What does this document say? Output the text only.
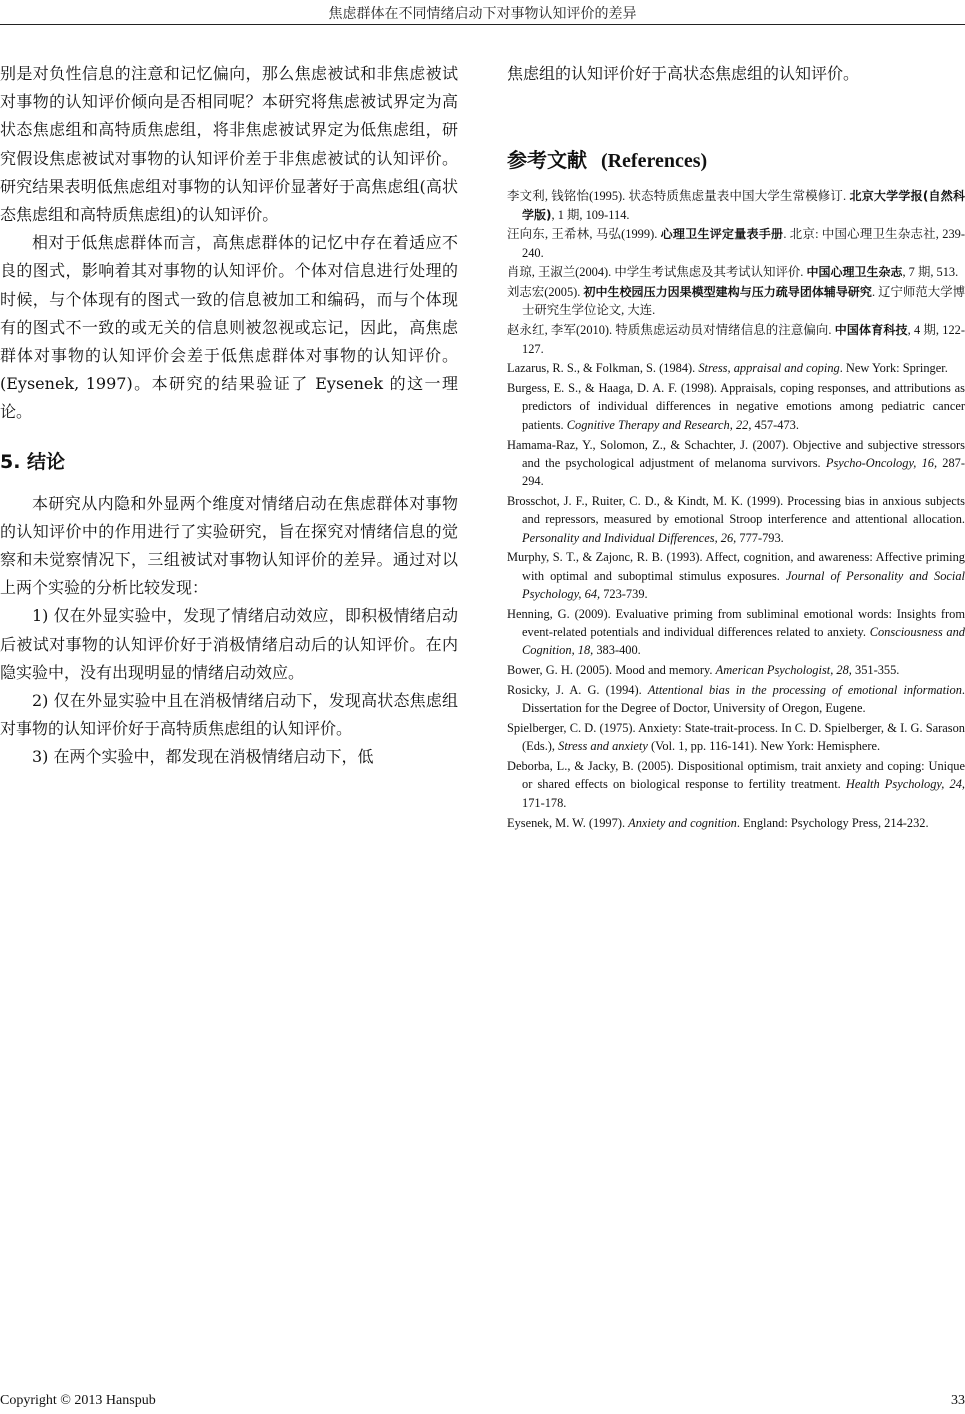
焦虑群体在不同情绪启动下对事物认知评价的差异

别是对负性信息的注意和记忆偏向，那么焦虑被试和非焦虑被试对事物的认知评价倾向是否相同呢？本研究将焦虑被试界定为高状态焦虑组和高特质焦虑组，将非焦虑被试界定为低焦虑组，研究假设焦虑被试对事物的认知评价差于非焦虑被试的认知评价。研究结果表明低焦虑组对事物的认知评价显著好于高焦虑组(高状态焦虑组和高特质焦虑组)的认知评价。

相对于低焦虑群体而言，高焦虑群体的记忆中存在着适应不良的图式，影响着其对事物的认知评价。个体对信息进行处理的时候，与个体现有的图式一致的信息被加工和编码，而与个体现有的图式不一致的或无关的信息则被忽视或忘记，因此，高焦虑群体对事物的认知评价会差于低焦虑群体对事物的认知评价。(Eysenek, 1997)。本研究的结果验证了 Eysenek 的这一理论。

5. 结论

本研究从内隐和外显两个维度对情绪启动在焦虑群体对事物的认知评价中的作用进行了实验研究，旨在探究对情绪信息的觉察和未觉察情况下，三组被试对事物认知评价的差异。通过对以上两个实验的分析比较发现：

1) 仅在外显实验中，发现了情绪启动效应，即积极情绪启动后被试对事物的认知评价好于消极情绪启动后的认知评价。在内隐实验中，没有出现明显的情绪启动效应。

2) 仅在外显实验中且在消极情绪启动下，发现高状态焦虑组对事物的认知评价好于高特质焦虑组的认知评价。

3) 在两个实验中，都发现在消极情绪启动下，低

焦虑组的认知评价好于高状态焦虑组的认知评价。

参考文献 (References)

李文利, 钱铭怡(1995). 状态特质焦虑量表中国大学生常模修订. 北京大学学报(自然科学版), 1 期, 109-114.

汪向东, 王希林, 马弘(1999). 心理卫生评定量表手册. 北京: 中国心理卫生杂志社, 239-240.

肖琼, 王淑兰(2004). 中学生考试焦虑及其考试认知评价. 中国心理卫生杂志, 7 期, 513.

刘志宏(2005). 初中生校园压力因果模型建构与压力疏导团体辅导研究. 辽宁师范大学博士研究生学位论文, 大连.

赵永红, 李军(2010). 特质焦虑运动员对情绪信息的注意偏向. 中国体育科技, 4 期, 122-127.

Lazarus, R. S., & Folkman, S. (1984). Stress, appraisal and coping. New York: Springer.

Burgess, E. S., & Haaga, D. A. F. (1998). Appraisals, coping responses, and attributions as predictors of individual differences in negative emotions among pediatric cancer patients. Cognitive Therapy and Research, 22, 457-473.

Hamama-Raz, Y., Solomon, Z., & Schachter, J. (2007). Objective and subjective stressors and the psychological adjustment of melanoma survivors. Psycho-Oncology, 16, 287-294.

Brosschot, J. F., Ruiter, C. D., & Kindt, M. K. (1999). Processing bias in anxious subjects and repressors, measured by emotional Stroop interference and attentional allocation. Personality and Individual Differences, 26, 777-793.

Murphy, S. T., & Zajonc, R. B. (1993). Affect, cognition, and awareness: Affective priming with optimal and suboptimal stimulus exposures. Journal of Personality and Social Psychology, 64, 723-739.

Henning, G. (2009). Evaluative priming from subliminal emotional words: Insights from event-related potentials and individual differences related to anxiety. Consciousness and Cognition, 18, 383-400.

Bower, G. H. (2005). Mood and memory. American Psychologist, 28, 351-355.

Rosicky, J. A. G. (1994). Attentional bias in the processing of emotional information. Dissertation for the Degree of Doctor, University of Oregon, Eugene.

Spielberger, C. D. (1975). Anxiety: State-trait-process. In C. D. Spielberger, & I. G. Sarason (Eds.), Stress and anxiety (Vol. 1, pp. 116-141). New York: Hemisphere.

Deborba, L., & Jacky, B. (2005). Dispositional optimism, trait anxiety and coping: Unique or shared effects on biological response to fertility treatment. Health Psychology, 24, 171-178.

Eysenek, M. W. (1997). Anxiety and cognition. England: Psychology Press, 214-232.

Copyright © 2013 Hanspub	33
